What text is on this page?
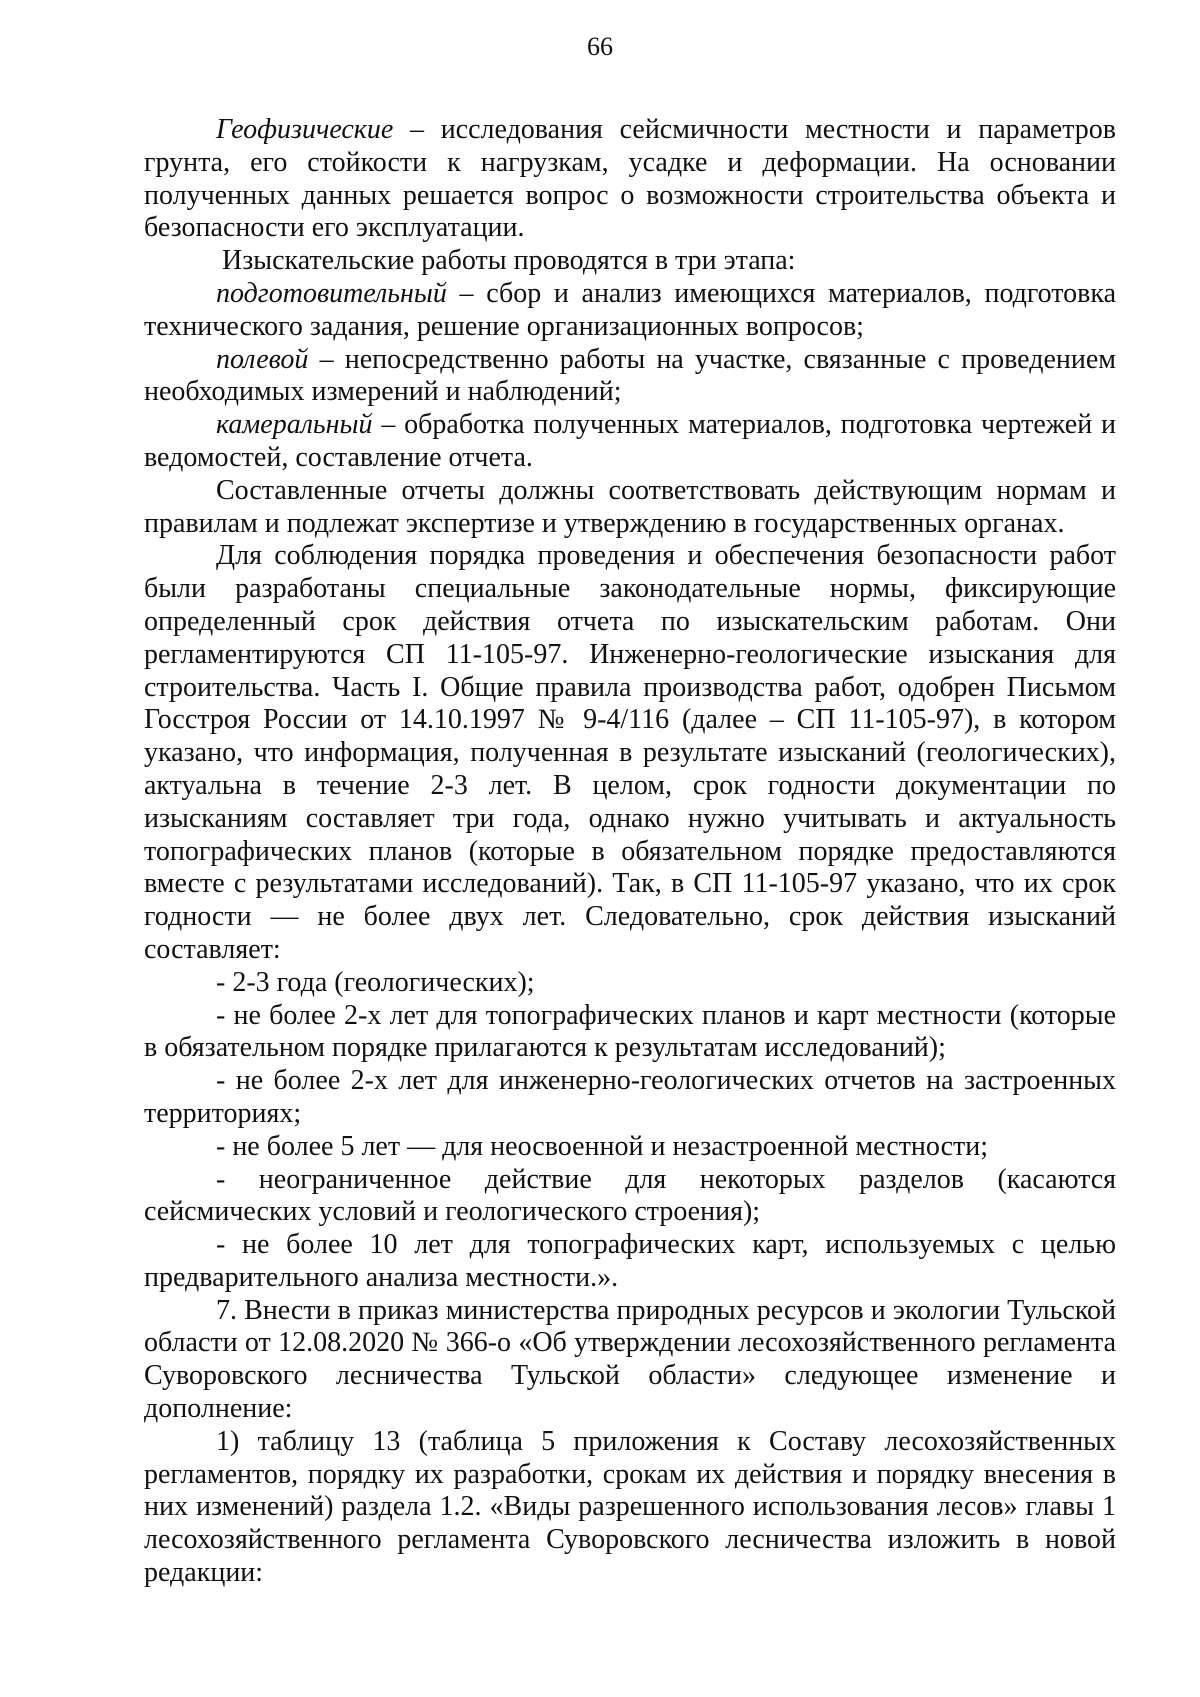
66

Геофизические – исследования сейсмичности местности и параметров грунта, его стойкости к нагрузкам, усадке и деформации. На основании полученных данных решается вопрос о возможности строительства объекта и безопасности его эксплуатации.

Изыскательские работы проводятся в три этапа:

подготовительный – сбор и анализ имеющихся материалов, подготовка технического задания, решение организационных вопросов;

полевой – непосредственно работы на участке, связанные с проведением необходимых измерений и наблюдений;

камеральный – обработка полученных материалов, подготовка чертежей и ведомостей, составление отчета.

Составленные отчеты должны соответствовать действующим нормам и правилам и подлежат экспертизе и утверждению в государственных органах.

Для соблюдения порядка проведения и обеспечения безопасности работ были разработаны специальные законодательные нормы, фиксирующие определенный срок действия отчета по изыскательским работам. Они регламентируются СП 11-105-97. Инженерно-геологические изыскания для строительства. Часть I. Общие правила производства работ, одобрен Письмом Госстроя России от 14.10.1997 № 9-4/116 (далее – СП 11-105-97), в котором указано, что информация, полученная в результате изысканий (геологических), актуальна в течение 2-3 лет. В целом, срок годности документации по изысканиям составляет три года, однако нужно учитывать и актуальность топографических планов (которые в обязательном порядке предоставляются вместе с результатами исследований). Так, в СП 11-105-97 указано, что их срок годности — не более двух лет. Следовательно, срок действия изысканий составляет:

- 2-3 года (геологических);

- не более 2-х лет для топографических планов и карт местности (которые в обязательном порядке прилагаются к результатам исследований);

- не более 2-х лет для инженерно-геологических отчетов на застроенных территориях;

- не более 5 лет — для неосвоенной и незастроенной местности;

- неограниченное действие для некоторых разделов (касаются сейсмических условий и геологического строения);

- не более 10 лет для топографических карт, используемых с целью предварительного анализа местности.».

7. Внести в приказ министерства природных ресурсов и экологии Тульской области от 12.08.2020 № 366-о «Об утверждении лесохозяйственного регламента Суворовского лесничества Тульской области» следующее изменение и дополнение:

1) таблицу 13 (таблица 5 приложения к Составу лесохозяйственных регламентов, порядку их разработки, срокам их действия и порядку внесения в них изменений) раздела 1.2. «Виды разрешенного использования лесов» главы 1 лесохозяйственного регламента Суворовского лесничества изложить в новой редакции:
